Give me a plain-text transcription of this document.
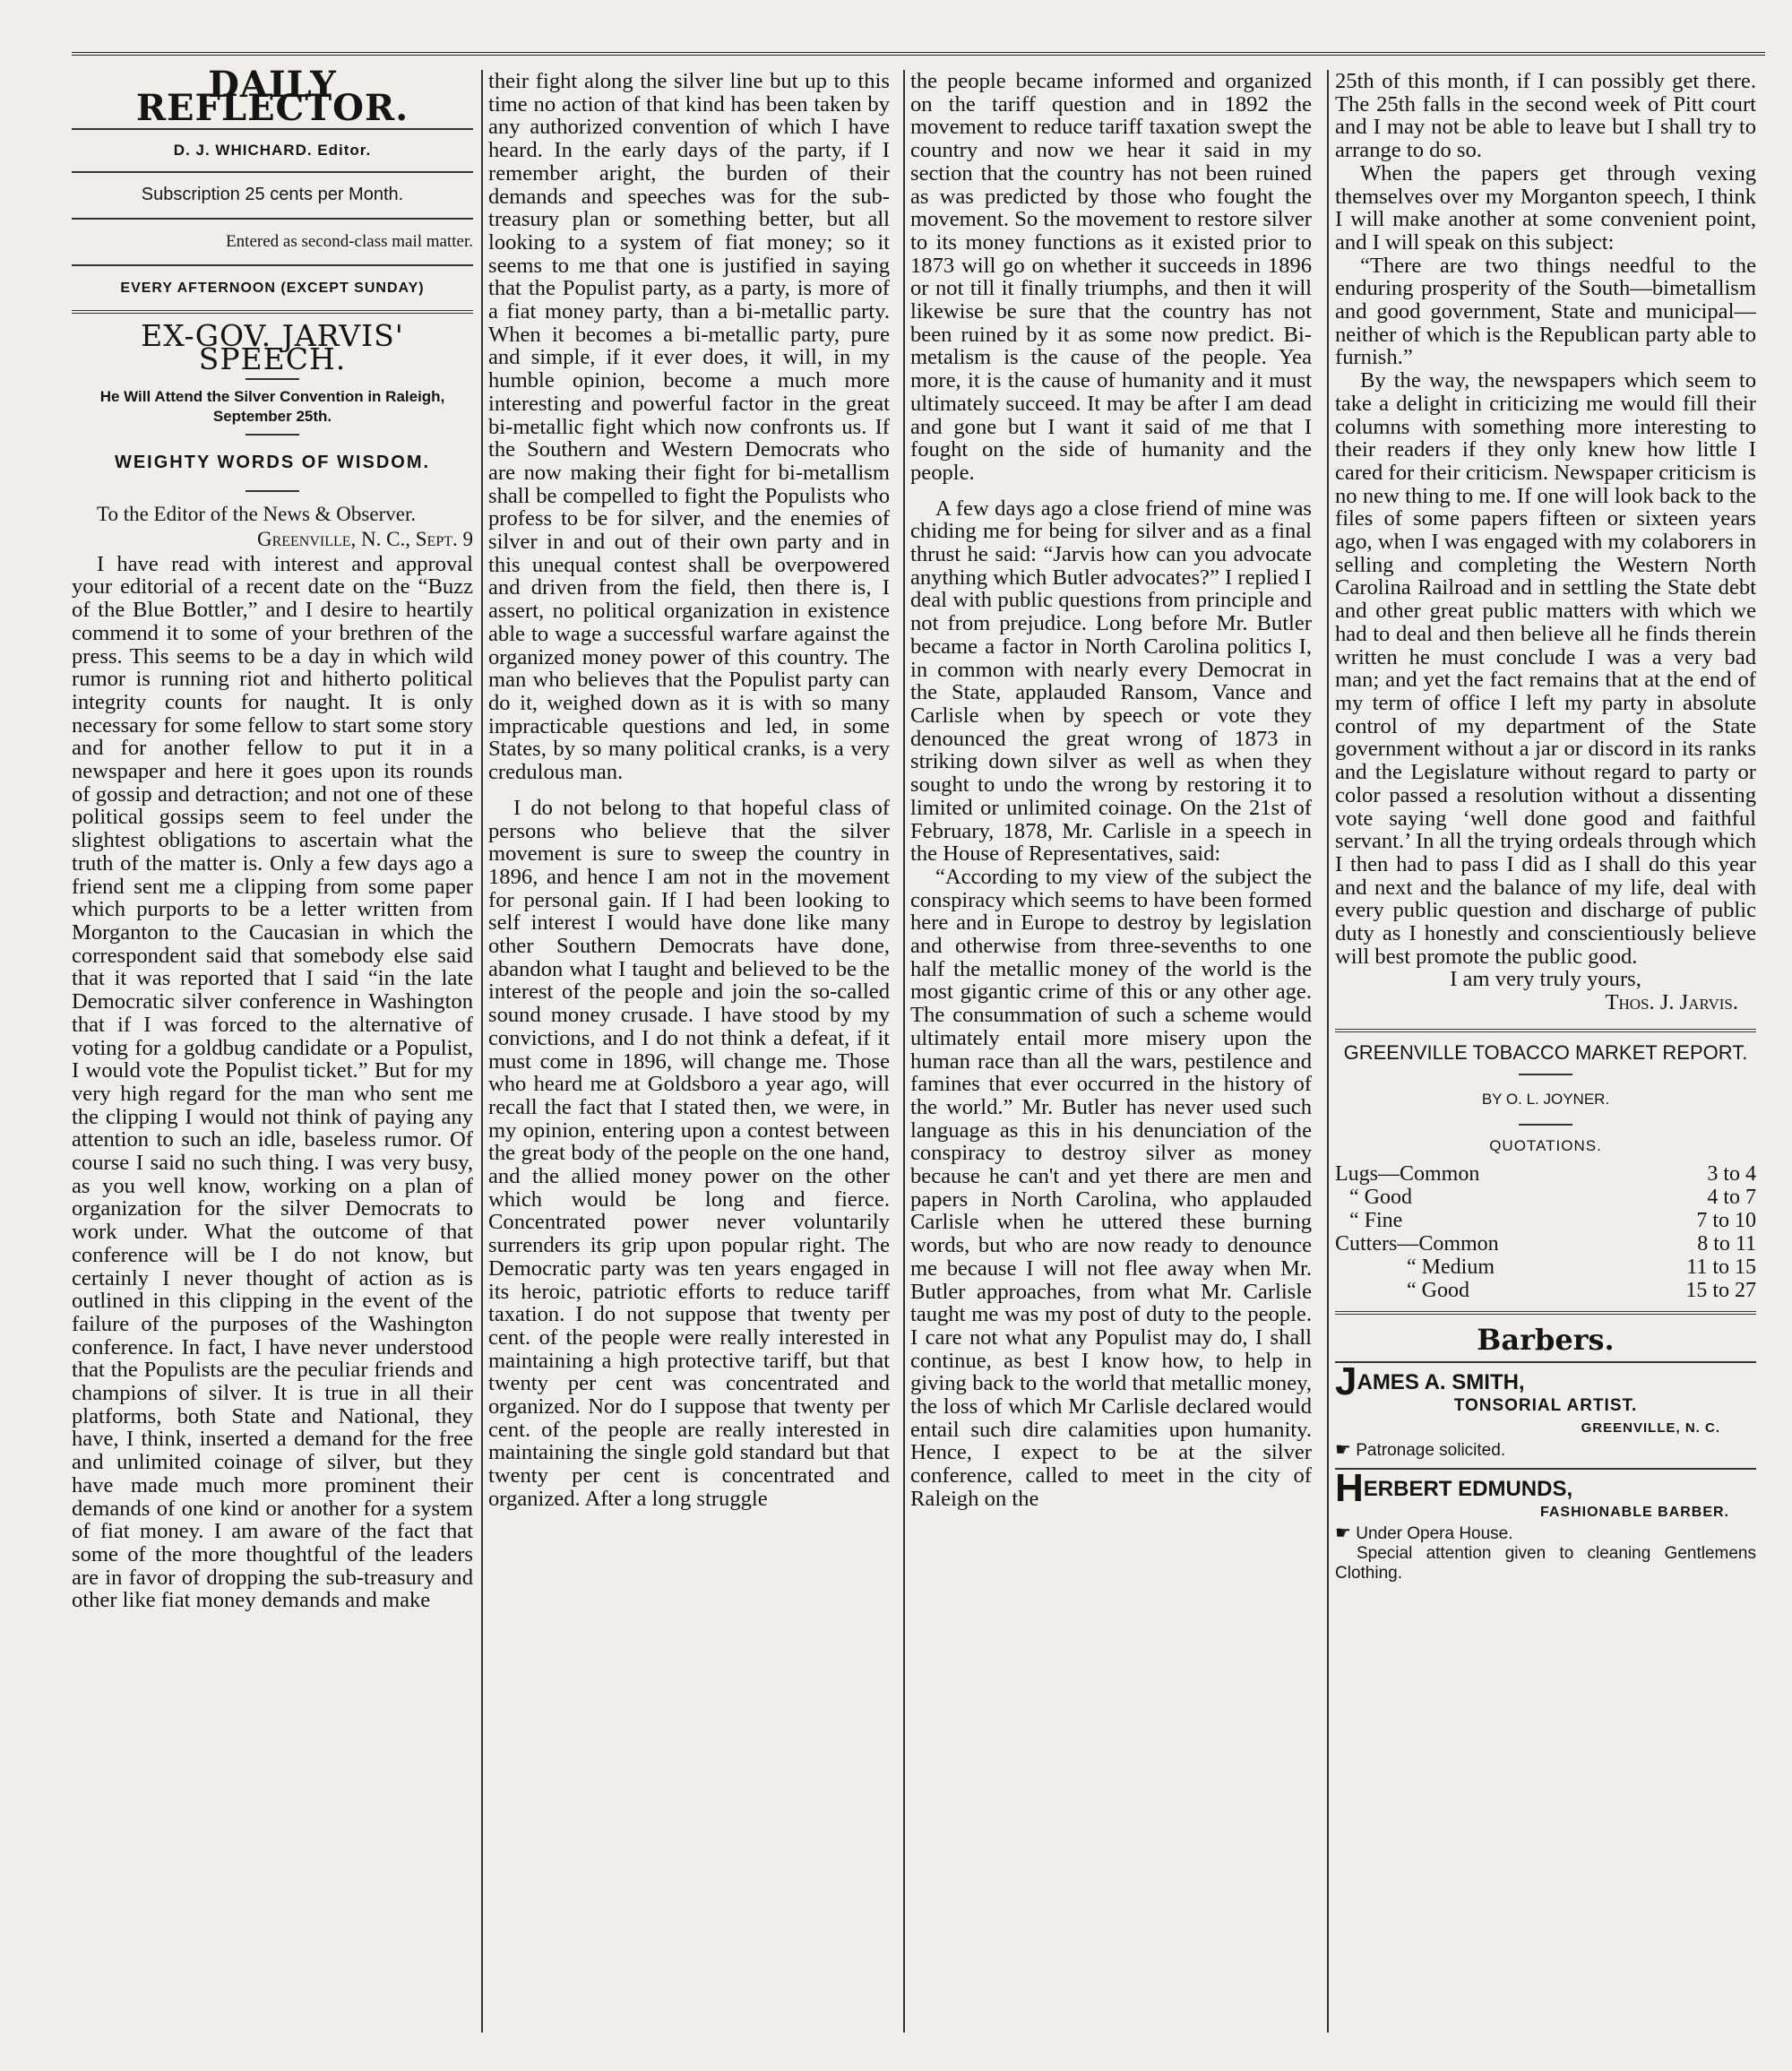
DAILY REFLECTOR.
D. J. WHICHARD. Editor.
Subscription 25 cents per Month.
Entered as second-class mail matter.
EVERY AFTERNOON (EXCEPT SUNDAY)
EX-GOV. JARVIS' SPEECH.
He Will Attend the Silver Convention in Raleigh, September 25th.
WEIGHTY WORDS OF WISDOM.

To the Editor of the News & Observer.

Greenville, N. C., Sept. 9

I have read with interest and approval your editorial of a recent date on the “Buzz of the Blue Bottler,” and I desire to heartily commend it to some of your brethren of the press. This seems to be a day in which wild rumor is running riot and hitherto political integrity counts for naught. It is only necessary for some fellow to start some story and for another fellow to put it in a newspaper and here it goes upon its rounds of gossip and detraction; and not one of these political gossips seem to feel under the slightest obligations to ascertain what the truth of the matter is. Only a few days ago a friend sent me a clipping from some paper which purports to be a letter written from Morganton to the Caucasian in which the correspondent said that somebody else said that it was reported that I said “in the late Democratic silver conference in Washington that if I was forced to the alternative of voting for a goldbug candidate or a Populist, I would vote the Populist ticket.” But for my very high regard for the man who sent me the clipping I would not think of paying any attention to such an idle, baseless rumor. Of course I said no such thing. I was very busy, as you well know, working on a plan of organization for the silver Democrats to work under. What the outcome of that conference will be I do not know, but certainly I never thought of action as is outlined in this clipping in the event of the failure of the purposes of the Washington conference. In fact, I have never understood that the Populists are the peculiar friends and champions of silver. It is true in all their platforms, both State and National, they have, I think, inserted a demand for the free and unlimited coinage of silver, but they have made much more prominent their demands of one kind or another for a system of fiat money. I am aware of the fact that some of the more thoughtful of the leaders are in favor of dropping the sub-treasury and other like fiat money demands and make

their fight along the silver line but up to this time no action of that kind has been taken by any authorized convention of which I have heard. In the early days of the party, if I remember aright, the burden of their demands and speeches was for the sub-treasury plan or something better, but all looking to a system of fiat money; so it seems to me that one is justified in saying that the Populist party, as a party, is more of a fiat money party, than a bi-metallic party. When it becomes a bi-metallic party, pure and simple, if it ever does, it will, in my humble opinion, become a much more interesting and powerful factor in the great bi-metallic fight which now confronts us. If the Southern and Western Democrats who are now making their fight for bi-metallism shall be compelled to fight the Populists who profess to be for silver, and the enemies of silver in and out of their own party and in this unequal contest shall be overpowered and driven from the field, then there is, I assert, no political organization in existence able to wage a successful warfare against the organized money power of this country. The man who believes that the Populist party can do it, weighed down as it is with so many impracticable questions and led, in some States, by so many political cranks, is a very credulous man.

I do not belong to that hopeful class of persons who believe that the silver movement is sure to sweep the country in 1896, and hence I am not in the movement for personal gain. If I had been looking to self interest I would have done like many other Southern Democrats have done, abandon what I taught and believed to be the interest of the people and join the so-called sound money crusade. I have stood by my convictions, and I do not think a defeat, if it must come in 1896, will change me. Those who heard me at Goldsboro a year ago, will recall the fact that I stated then, we were, in my opinion, entering upon a contest between the great body of the people on the one hand, and the allied money power on the other which would be long and fierce. Concentrated power never voluntarily surrenders its grip upon popular right. The Democratic party was ten years engaged in its heroic, patriotic efforts to reduce tariff taxation. I do not suppose that twenty per cent. of the people were really interested in maintaining a high protective tariff, but that twenty per cent was concentrated and organized. Nor do I suppose that twenty per cent. of the people are really interested in maintaining the single gold standard but that twenty per cent is concentrated and organized. After a long struggle

the people became informed and organized on the tariff question and in 1892 the movement to reduce tariff taxation swept the country and now we hear it said in my section that the country has not been ruined as was predicted by those who fought the movement. So the movement to restore silver to its money functions as it existed prior to 1873 will go on whether it succeeds in 1896 or not till it finally triumphs, and then it will likewise be sure that the country has not been ruined by it as some now predict. Bi-metalism is the cause of the people. Yea more, it is the cause of humanity and it must ultimately succeed. It may be after I am dead and gone but I want it said of me that I fought on the side of humanity and the people.

A few days ago a close friend of mine was chiding me for being for silver and as a final thrust he said: “Jarvis how can you advocate anything which Butler advocates?” I replied I deal with public questions from principle and not from prejudice. Long before Mr. Butler became a factor in North Carolina politics I, in common with nearly every Democrat in the State, applauded Ransom, Vance and Carlisle when by speech or vote they denounced the great wrong of 1873 in striking down silver as well as when they sought to undo the wrong by restoring it to limited or unlimited coinage. On the 21st of February, 1878, Mr. Carlisle in a speech in the House of Representatives, said:

“According to my view of the subject the conspiracy which seems to have been formed here and in Europe to destroy by legislation and otherwise from three-sevenths to one half the metallic money of the world is the most gigantic crime of this or any other age. The consummation of such a scheme would ultimately entail more misery upon the human race than all the wars, pestilence and famines that ever occurred in the history of the world.” Mr. Butler has never used such language as this in his denunciation of the conspiracy to destroy silver as money because he can't and yet there are men and papers in North Carolina, who applauded Carlisle when he uttered these burning words, but who are now ready to denounce me because I will not flee away when Mr. Butler approaches, from what Mr. Carlisle taught me was my post of duty to the people. I care not what any Populist may do, I shall continue, as best I know how, to help in giving back to the world that metallic money, the loss of which Mr Carlisle declared would entail such dire calamities upon humanity. Hence, I expect to be at the silver conference, called to meet in the city of Raleigh on the

25th of this month, if I can possibly get there. The 25th falls in the second week of Pitt court and I may not be able to leave but I shall try to arrange to do so.

When the papers get through vexing themselves over my Morganton speech, I think I will make another at some convenient point, and I will speak on this subject:

“There are two things needful to the enduring prosperity of the South—bimetallism and good government, State and municipal—neither of which is the Republican party able to furnish.”

By the way, the newspapers which seem to take a delight in criticizing me would fill their columns with something more interesting to their readers if they only knew how little I cared for their criticism. Newspaper criticism is no new thing to me. If one will look back to the files of some papers fifteen or sixteen years ago, when I was engaged with my colaborers in selling and completing the Western North Carolina Railroad and in settling the State debt and other great public matters with which we had to deal and then believe all he finds therein written he must conclude I was a very bad man; and yet the fact remains that at the end of my term of office I left my party in absolute control of my department of the State government without a jar or discord in its ranks and the Legislature without regard to party or color passed a resolution without a dissenting vote saying ‘well done good and faithful servant.’ In all the trying ordeals through which I then had to pass I did as I shall do this year and next and the balance of my life, deal with every public question and discharge of public duty as I honestly and conscientiously believe will best promote the public good.

I am very truly yours,

Thos. J. Jarvis.
GREENVILLE TOBACCO MARKET REPORT.
BY O. L. JOYNER.
QUOTATIONS.
Lugs—Common	3 to 4
“ Good	4 to 7
“ Fine	7 to 10
Cutters—Common	8 to 11
“ Medium	11 to 15
“ Good	15 to 27
Barbers.
JAMES A. SMITH,
TONSORIAL ARTIST.
GREENVILLE, N. C.
☛ Patronage solicited.
HERBERT EDMUNDS,
FASHIONABLE BARBER.
☛ Under Opera House.
Special attention given to cleaning Gentlemens Clothing.
